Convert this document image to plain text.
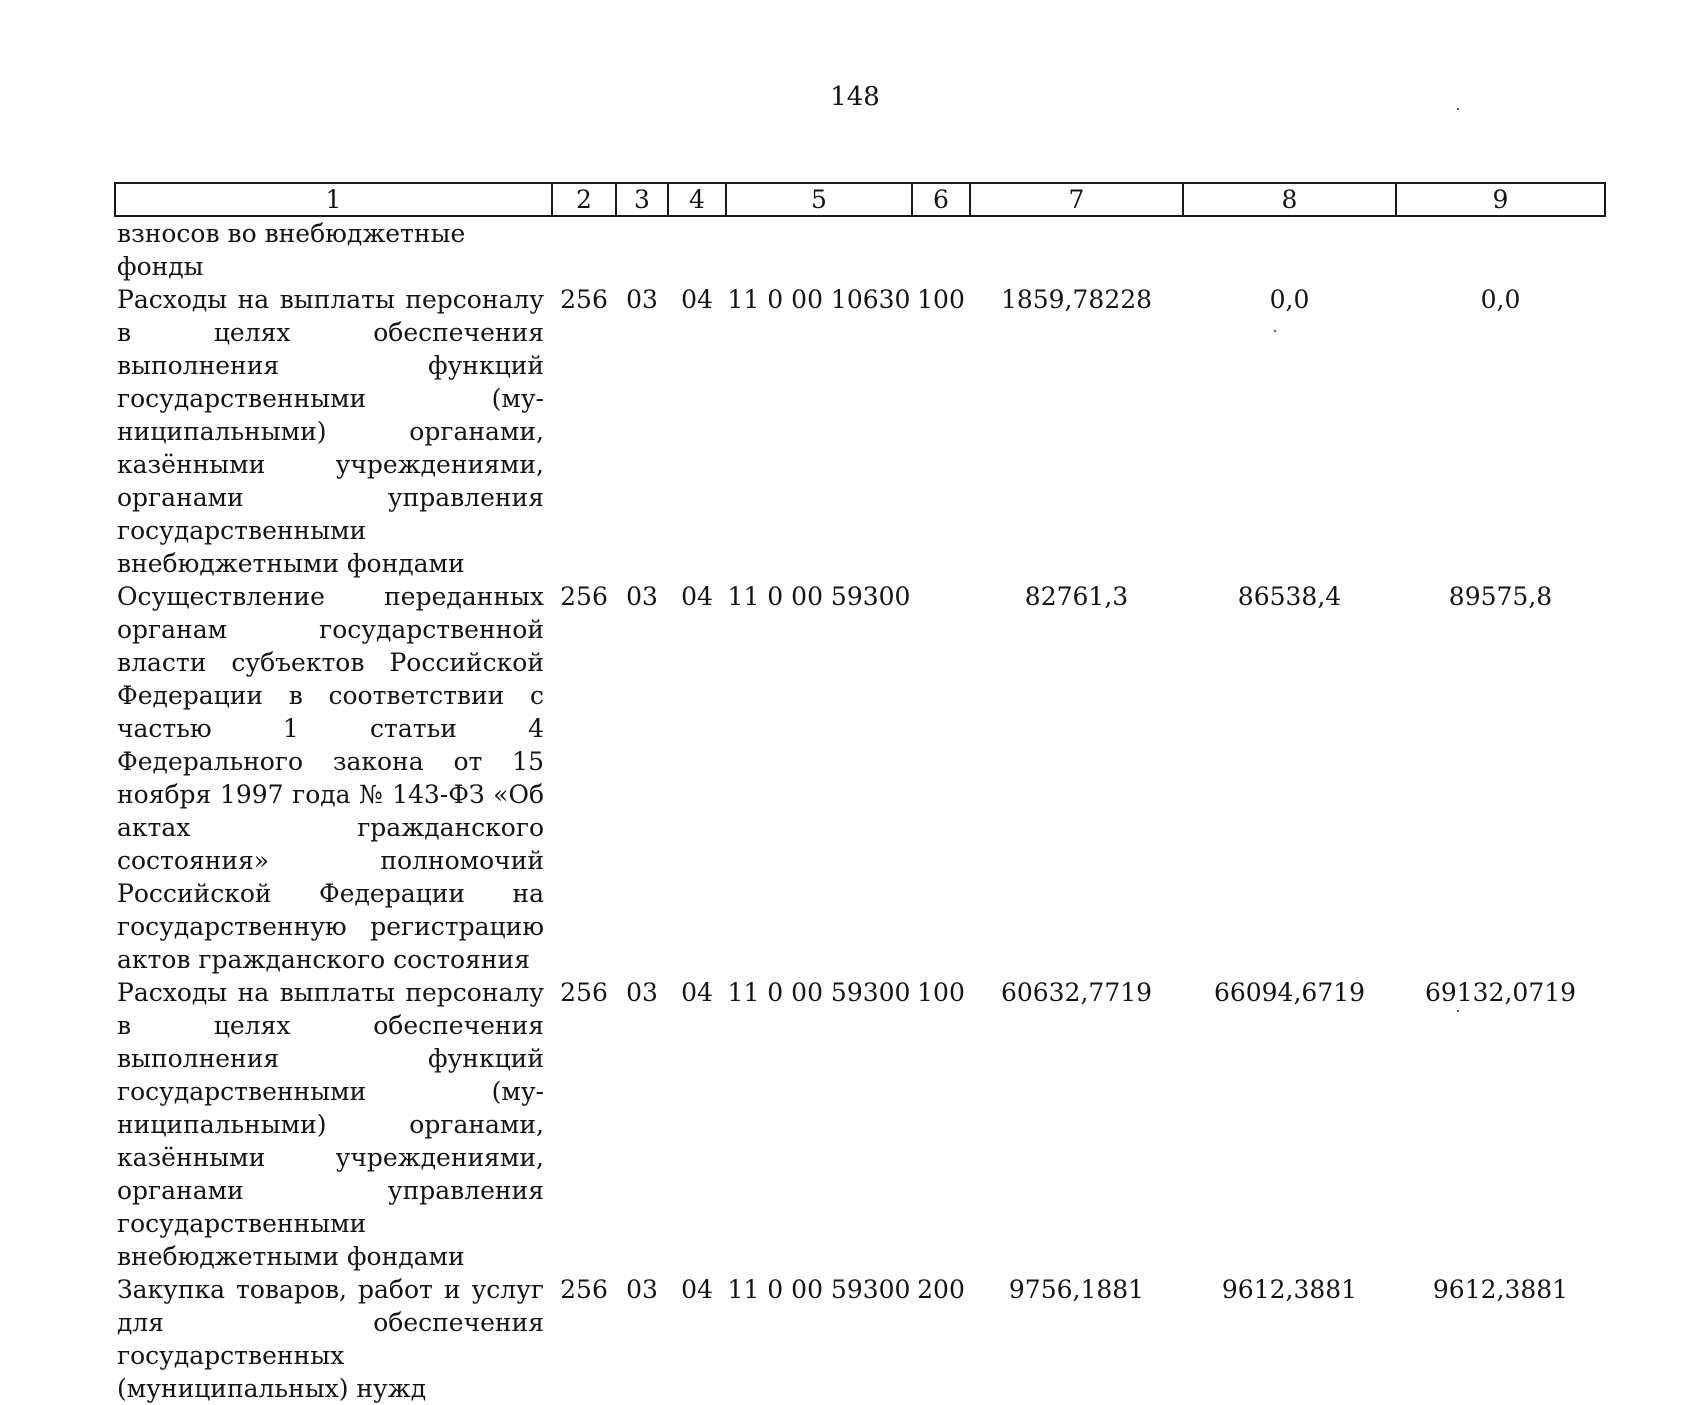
148
1	2	3	4	5	6	7	8	9
взносов во внебюджетные фонды								
Расходы на выплаты персоналу в целях обеспечения выполнения функций государственными (муниципальными) органами, казёнными учреждениями, органами управления государственными внебюджетными фондами	256	03	04	11 0 00 10630	100	1859,78228	0,0	0,0
Осуществление переданных органам государственной власти субъектов Российской Федерации в соответствии с частью 1 статьи 4 Федерального закона от 15 ноября 1997 года № 143-ФЗ «Об актах гражданского состояния» полномочий Российской Федерации на государственную регистрацию актов гражданского состояния	256	03	04	11 0 00 59300		82761,3	86538,4	89575,8
Расходы на выплаты персоналу в целях обеспечения выполнения функций государственными (муниципальными) органами, казёнными учреждениями, органами управления государственными внебюджетными фондами	256	03	04	11 0 00 59300	100	60632,7719	66094,6719	69132,0719
Закупка товаров, работ и услуг для обеспечения государственных (муниципальных) нужд	256	03	04	11 0 00 59300	200	9756,1881	9612,3881	9612,3881
